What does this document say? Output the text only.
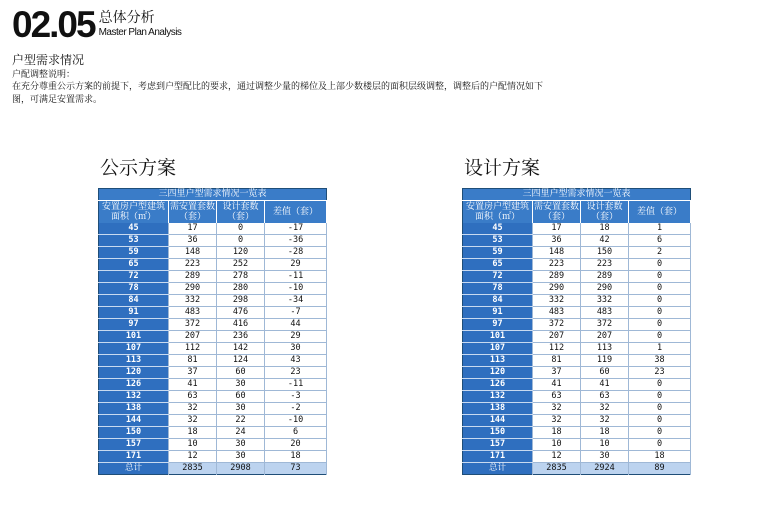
02.05 总体分析
Master Plan Analysis
户型需求情况
户配调整说明：
在充分尊重公示方案的前提下，考虑到户型配比的要求，通过调整少量的梯位及上部少数楼层的面积层级调整，调整后的户配情况如下图，可满足安置需求。
公示方案
三四里户型需求情况一览表			
安置房户型建筑面积（㎡）	需安置套数（套）	设计套数（套）	差值（套）
45	17	0	-17
53	36	0	-36
59	148	120	-28
65	223	252	29
72	289	278	-11
78	290	280	-10
84	332	298	-34
91	483	476	-7
97	372	416	44
101	207	236	29
107	112	142	30
113	81	124	43
120	37	60	23
126	41	30	-11
132	63	60	-3
138	32	30	-2
144	32	22	-10
150	18	24	6
157	10	30	20
171	12	30	18
总计	2835	2908	73
设计方案
三四里户型需求情况一览表			
安置房户型建筑面积（㎡）	需安置套数（套）	设计套数（套）	差值（套）
45	17	18	1
53	36	42	6
59	148	150	2
65	223	223	0
72	289	289	0
78	290	290	0
84	332	332	0
91	483	483	0
97	372	372	0
101	207	207	0
107	112	113	1
113	81	119	38
120	37	60	23
126	41	41	0
132	63	63	0
138	32	32	0
144	32	32	0
150	18	18	0
157	10	10	0
171	12	30	18
总计	2835	2924	89
